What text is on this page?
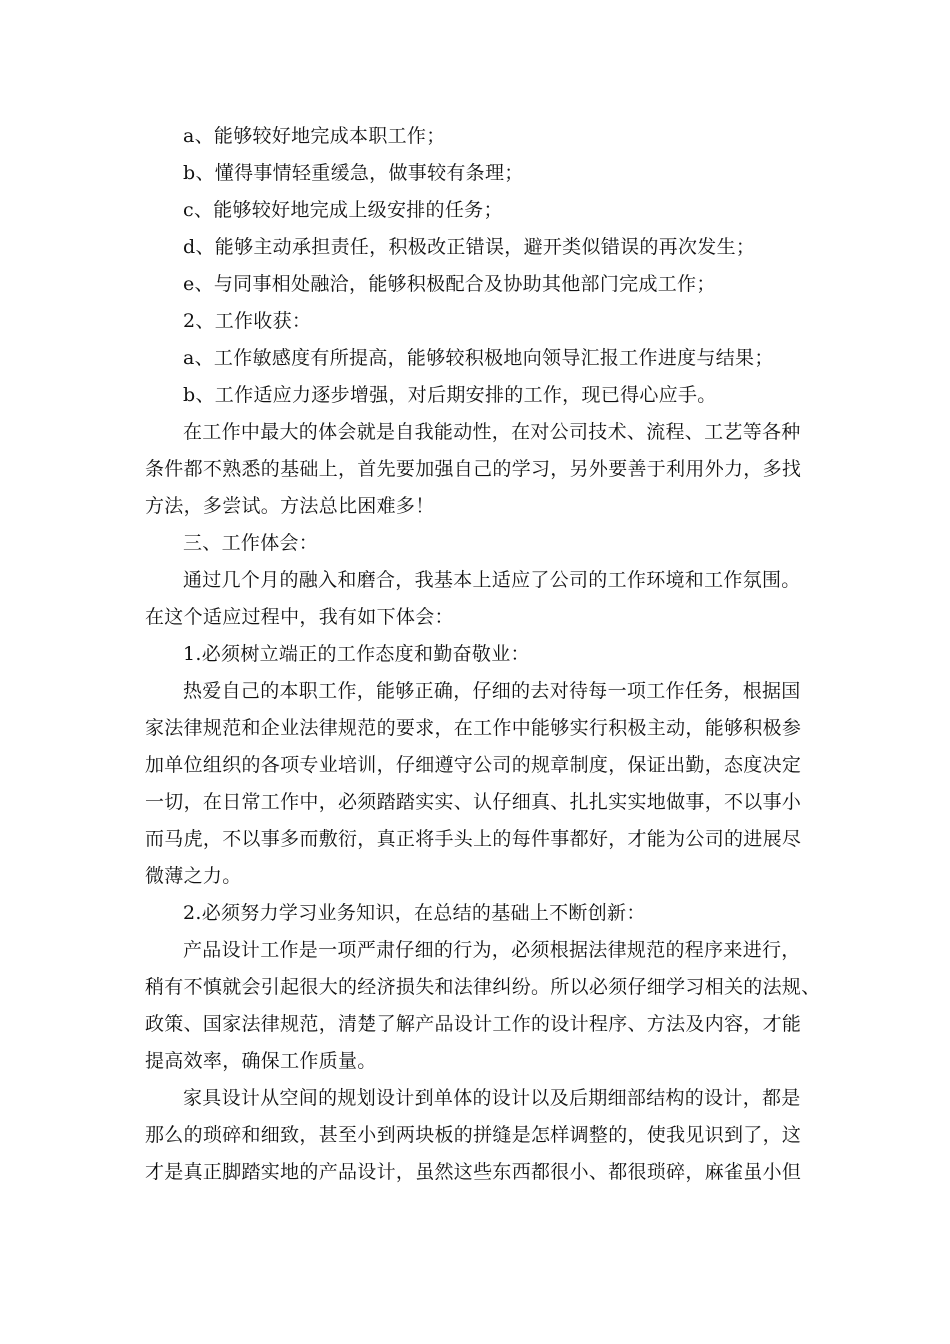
a、能够较好地完成本职工作；
b、懂得事情轻重缓急，做事较有条理；
c、能够较好地完成上级安排的任务；
d、能够主动承担责任，积极改正错误，避开类似错误的再次发生；
e、与同事相处融洽，能够积极配合及协助其他部门完成工作；
2、工作收获：
a、工作敏感度有所提高，能够较积极地向领导汇报工作进度与结果；
b、工作适应力逐步增强，对后期安排的工作，现已得心应手。
在工作中最大的体会就是自我能动性，在对公司技术、流程、工艺等各种
条件都不熟悉的基础上，首先要加强自己的学习，另外要善于利用外力，多找
方法，多尝试。方法总比困难多！
三、工作体会：
通过几个月的融入和磨合，我基本上适应了公司的工作环境和工作氛围。
在这个适应过程中，我有如下体会：
1.必须树立端正的工作态度和勤奋敬业：
热爱自己的本职工作，能够正确，仔细的去对待每一项工作任务，根据国
家法律规范和企业法律规范的要求，在工作中能够实行积极主动，能够积极参
加单位组织的各项专业培训，仔细遵守公司的规章制度，保证出勤，态度决定
一切，在日常工作中，必须踏踏实实、认仔细真、扎扎实实地做事，不以事小
而马虎，不以事多而敷衍，真正将手头上的每件事都好，才能为公司的进展尽
微薄之力。
2.必须努力学习业务知识，在总结的基础上不断创新：
产品设计工作是一项严肃仔细的行为，必须根据法律规范的程序来进行，
稍有不慎就会引起很大的经济损失和法律纠纷。所以必须仔细学习相关的法规、
政策、国家法律规范，清楚了解产品设计工作的设计程序、方法及内容，才能
提高效率，确保工作质量。
家具设计从空间的规划设计到单体的设计以及后期细部结构的设计，都是
那么的琐碎和细致，甚至小到两块板的拼缝是怎样调整的，使我见识到了，这
才是真正脚踏实地的产品设计，虽然这些东西都很小、都很琐碎，麻雀虽小但
